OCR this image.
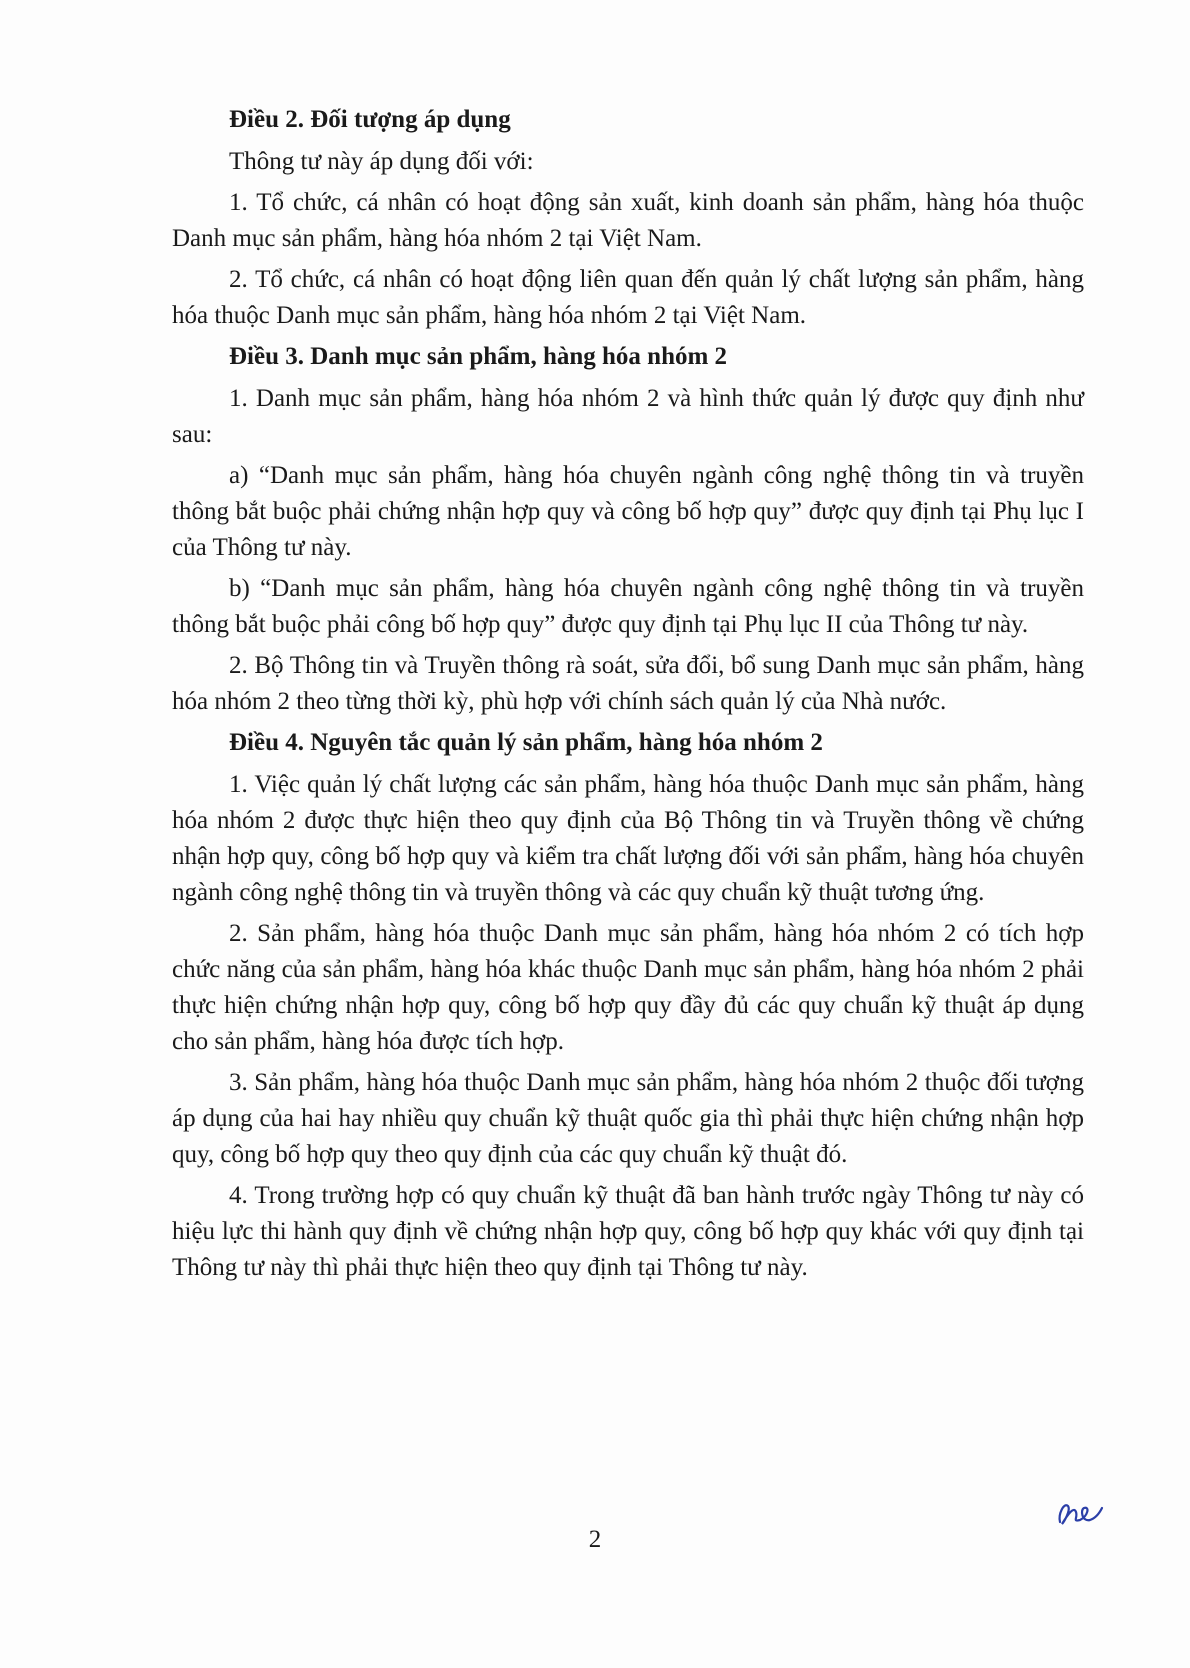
Điều 2. Đối tượng áp dụng

Thông tư này áp dụng đối với:

1. Tổ chức, cá nhân có hoạt động sản xuất, kinh doanh sản phẩm, hàng hóa thuộc Danh mục sản phẩm, hàng hóa nhóm 2 tại Việt Nam.

2. Tổ chức, cá nhân có hoạt động liên quan đến quản lý chất lượng sản phẩm, hàng hóa thuộc Danh mục sản phẩm, hàng hóa nhóm 2 tại Việt Nam.

Điều 3. Danh mục sản phẩm, hàng hóa nhóm 2

1. Danh mục sản phẩm, hàng hóa nhóm 2 và hình thức quản lý được quy định như sau:

a) “Danh mục sản phẩm, hàng hóa chuyên ngành công nghệ thông tin và truyền thông bắt buộc phải chứng nhận hợp quy và công bố hợp quy” được quy định tại Phụ lục I của Thông tư này.

b) “Danh mục sản phẩm, hàng hóa chuyên ngành công nghệ thông tin và truyền thông bắt buộc phải công bố hợp quy” được quy định tại Phụ lục II của Thông tư này.

2. Bộ Thông tin và Truyền thông rà soát, sửa đổi, bổ sung Danh mục sản phẩm, hàng hóa nhóm 2 theo từng thời kỳ, phù hợp với chính sách quản lý của Nhà nước.

Điều 4. Nguyên tắc quản lý sản phẩm, hàng hóa nhóm 2

1. Việc quản lý chất lượng các sản phẩm, hàng hóa thuộc Danh mục sản phẩm, hàng hóa nhóm 2 được thực hiện theo quy định của Bộ Thông tin và Truyền thông về chứng nhận hợp quy, công bố hợp quy và kiểm tra chất lượng đối với sản phẩm, hàng hóa chuyên ngành công nghệ thông tin và truyền thông và các quy chuẩn kỹ thuật tương ứng.

2. Sản phẩm, hàng hóa thuộc Danh mục sản phẩm, hàng hóa nhóm 2 có tích hợp chức năng của sản phẩm, hàng hóa khác thuộc Danh mục sản phẩm, hàng hóa nhóm 2 phải thực hiện chứng nhận hợp quy, công bố hợp quy đầy đủ các quy chuẩn kỹ thuật áp dụng cho sản phẩm, hàng hóa được tích hợp.

3. Sản phẩm, hàng hóa thuộc Danh mục sản phẩm, hàng hóa nhóm 2 thuộc đối tượng áp dụng của hai hay nhiều quy chuẩn kỹ thuật quốc gia thì phải thực hiện chứng nhận hợp quy, công bố hợp quy theo quy định của các quy chuẩn kỹ thuật đó.

4. Trong trường hợp có quy chuẩn kỹ thuật đã ban hành trước ngày Thông tư này có hiệu lực thi hành quy định về chứng nhận hợp quy, công bố hợp quy khác với quy định tại Thông tư này thì phải thực hiện theo quy định tại Thông tư này.

2
